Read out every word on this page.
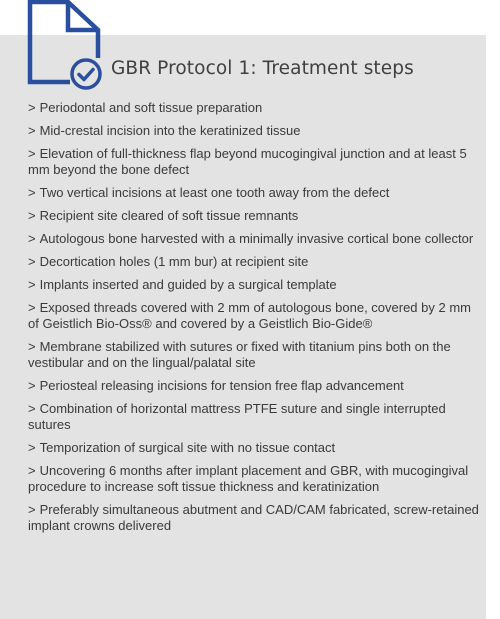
GBR Protocol 1: Treatment steps
> Periodontal and soft tissue preparation
> Mid-crestal incision into the keratinized tissue
> Elevation of full-thickness flap beyond mucogingival junction and at least 5 mm beyond the bone defect
> Two vertical incisions at least one tooth away from the defect
> Recipient site cleared of soft tissue remnants
> Autologous bone harvested with a minimally invasive cortical bone collector
> Decortication holes (1 mm bur) at recipient site
> Implants inserted and guided by a surgical template
> Exposed threads covered with 2 mm of autologous bone, covered by 2 mm of Geistlich Bio-Oss® and covered by a Geistlich Bio-Gide®
> Membrane stabilized with sutures or fixed with titanium pins both on the vestibular and on the lingual/palatal site
> Periosteal releasing incisions for tension free flap advancement
> Combination of horizontal mattress PTFE suture and single interrupted sutures
> Temporization of surgical site with no tissue contact
> Uncovering 6 months after implant placement and GBR, with mucogingival procedure to increase soft tissue thickness and keratinization
> Preferably simultaneous abutment and CAD/CAM fabricated, screw-retained implant crowns delivered
